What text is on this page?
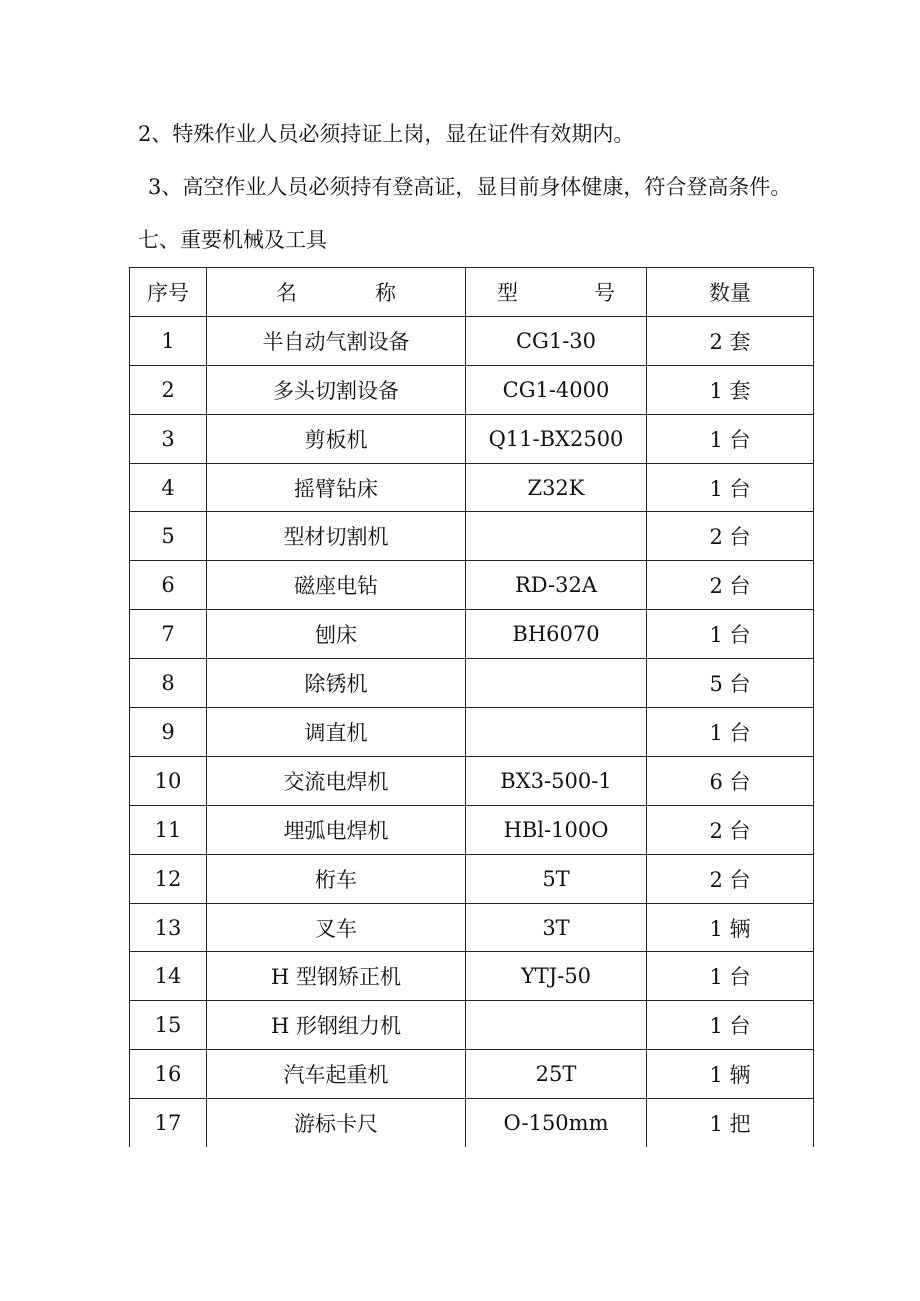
2、特殊作业人员必须持证上岗，显在证件有效期内。

3、高空作业人员必须持有登高证，显目前身体健康，符合登高条件。

七、重要机械及工具

序号	名　　称	型　　号	数量
1	半自动气割设备	CG1-30	2 套
2	多头切割设备	CG1-4000	1 套
3	剪板机	Q11-BX2500	1 台
4	摇臂钻床	Z32K	1 台
5	型材切割机		2 台
6	磁座电钻	RD-32A	2 台
7	刨床	BH6070	1 台
8	除锈机		5 台
9	调直机		1 台
10	交流电焊机	BX3-500-1	6 台
11	埋弧电焊机	HBl-100O	2 台
12	桁车	5T	2 台
13	叉车	3T	1 辆
14	H 型钢矫正机	YTJ-50	1 台
15	H 形钢组力机		1 台
16	汽车起重机	25T	1 辆
17	游标卡尺	O-150mm	1 把
